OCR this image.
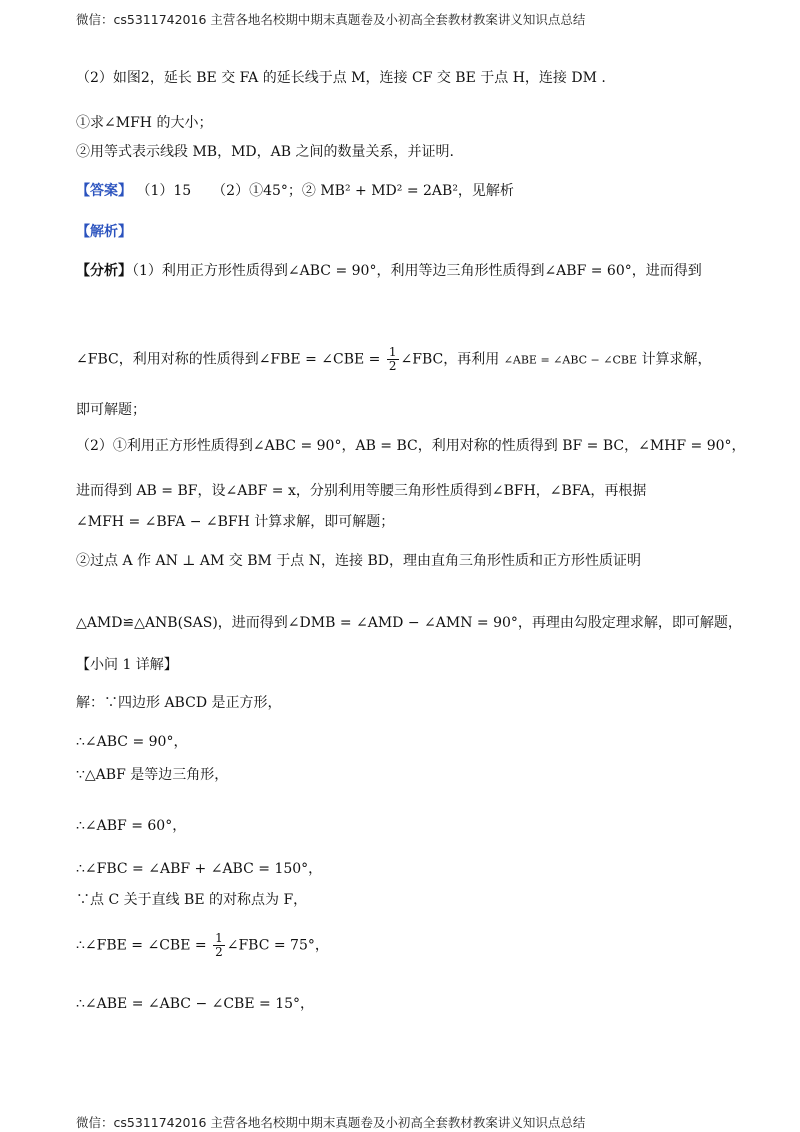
微信：cs5311742016 主营各地名校期中期末真题卷及小初高全套教材教案讲义知识点总结
（2）如图2，延长 BE 交 FA 的延长线于点 M，连接 CF 交 BE 于点 H，连接 DM .
①求∠MFH 的大小；
②用等式表示线段 MB，MD，AB 之间的数量关系，并证明.
【答案】 （1）15　　（2）①45°；② MB² + MD² = 2AB²，见解析
【解析】
【分析】（1）利用正方形性质得到∠ABC = 90°，利用等边三角形性质得到∠ABF = 60°，进而得到
∠FBC，利用对称的性质得到∠FBE = ∠CBE = $\frac{1}{2}$ ∠FBC，再利用 ∠ABE = ∠ABC − ∠CBE 计算求解，
即可解题；
（2）①利用正方形性质得到∠ABC = 90°，AB = BC，利用对称的性质得到 BF = BC，∠MHF = 90°，
进而得到 AB = BF，设∠ABF = x，分别利用等腰三角形性质得到∠BFH，∠BFA，再根据
∠MFH = ∠BFA − ∠BFH 计算求解，即可解题；
②过点 A 作 AN ⊥ AM 交 BM 于点 N，连接 BD，理由直角三角形性质和正方形性质证明
△AMD≌△ANB(SAS)，进而得到∠DMB = ∠AMD − ∠AMN = 90°，再理由勾股定理求解，即可解题，
【小问 1 详解】
解：∵四边形 ABCD 是正方形，
∴∠ABC = 90°，
∵△ABF 是等边三角形，
∴∠ABF = 60°，
∴∠FBC = ∠ABF + ∠ABC = 150°，
∵点 C 关于直线 BE 的对称点为 F，
∴∠FBE = ∠CBE = $\frac{1}{2}$ ∠FBC = 75°，
∴∠ABE = ∠ABC − ∠CBE = 15°，
微信：cs5311742016 主营各地名校期中期末真题卷及小初高全套教材教案讲义知识点总结
